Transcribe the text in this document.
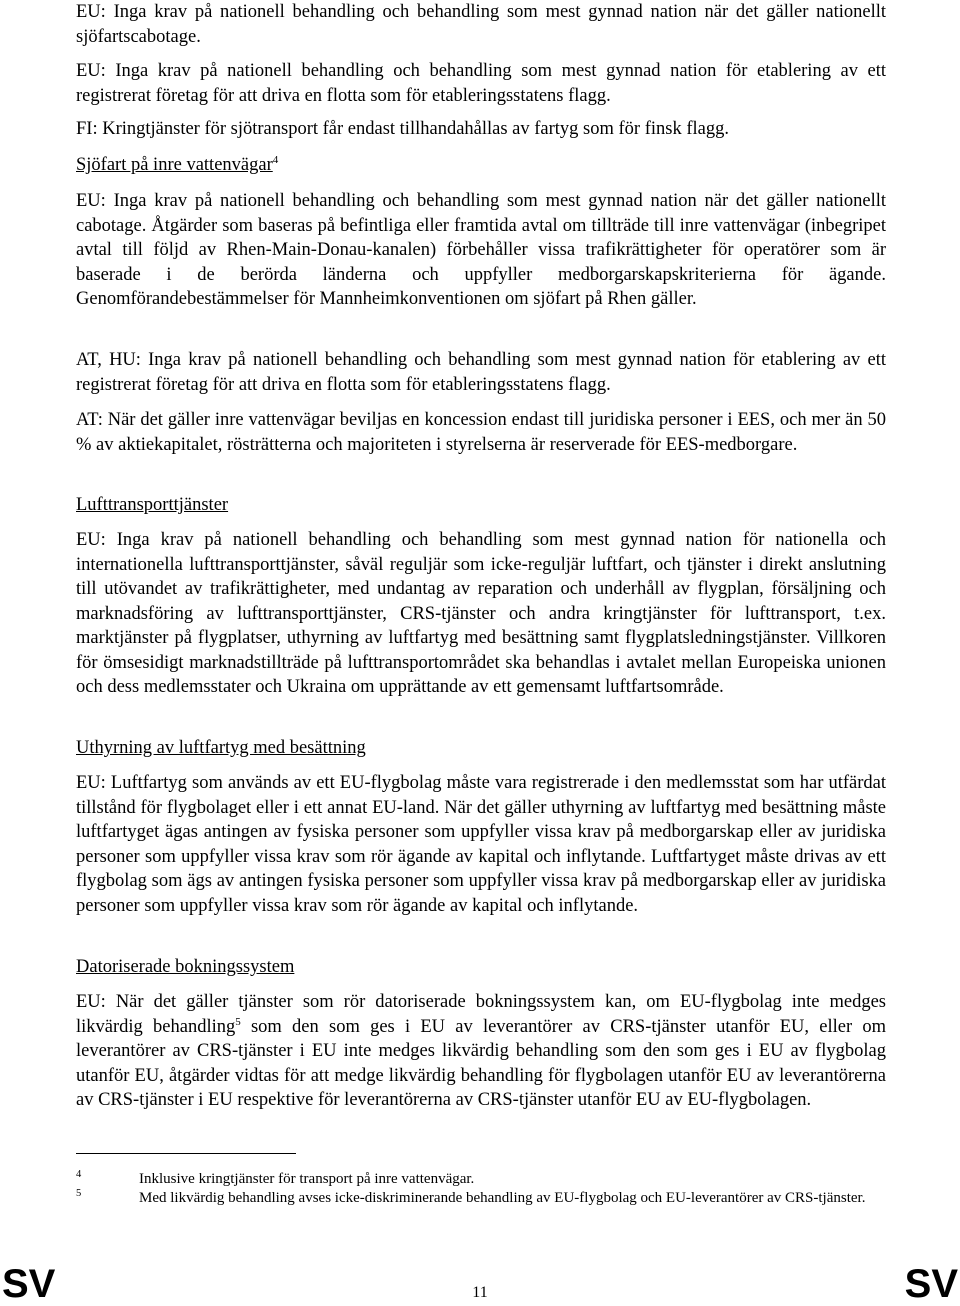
EU: Inga krav på nationell behandling och behandling som mest gynnad nation när det gäller nationellt sjöfartscabotage.

EU: Inga krav på nationell behandling och behandling som mest gynnad nation för etablering av ett registrerat företag för att driva en flotta som för etableringsstatens flagg.

FI: Kringtjänster för sjötransport får endast tillhandahållas av fartyg som för finsk flagg.

Sjöfart på inre vattenvägar$^4$

EU: Inga krav på nationell behandling och behandling som mest gynnad nation när det gäller nationellt cabotage. Åtgärder som baseras på befintliga eller framtida avtal om tillträde till inre vattenvägar (inbegripet avtal till följd av Rhen-Main-Donau-kanalen) förbehåller vissa trafikrättigheter för operatörer som är baserade i de berörda länderna och uppfyller medborgarskapskriterierna för ägande. Genomförandebestämmelser för Mannheimkonventionen om sjöfart på Rhen gäller.

AT, HU: Inga krav på nationell behandling och behandling som mest gynnad nation för etablering av ett registrerat företag för att driva en flotta som för etableringsstatens flagg.

AT: När det gäller inre vattenvägar beviljas en koncession endast till juridiska personer i EES, och mer än 50 % av aktiekapitalet, rösträtterna och majoriteten i styrelserna är reserverade för EES-medborgare.

Lufttransporttjänster

EU: Inga krav på nationell behandling och behandling som mest gynnad nation för nationella och internationella lufttransporttjänster, såväl reguljär som icke-reguljär luftfart, och tjänster i direkt anslutning till utövandet av trafikrättigheter, med undantag av reparation och underhåll av flygplan, försäljning och marknadsföring av lufttransporttjänster, CRS-tjänster och andra kringtjänster för lufttransport, t.ex. marktjänster på flygplatser, uthyrning av luftfartyg med besättning samt flygplatsledningstjänster. Villkoren för ömsesidigt marknadstillträde på lufttransportområdet ska behandlas i avtalet mellan Europeiska unionen och dess medlemsstater och Ukraina om upprättande av ett gemensamt luftfartsområde.

Uthyrning av luftfartyg med besättning

EU: Luftfartyg som används av ett EU-flygbolag måste vara registrerade i den medlemsstat som har utfärdat tillstånd för flygbolaget eller i ett annat EU-land. När det gäller uthyrning av luftfartyg med besättning måste luftfartyget ägas antingen av fysiska personer som uppfyller vissa krav på medborgarskap eller av juridiska personer som uppfyller vissa krav som rör ägande av kapital och inflytande. Luftfartyget måste drivas av ett flygbolag som ägs av antingen fysiska personer som uppfyller vissa krav på medborgarskap eller av juridiska personer som uppfyller vissa krav som rör ägande av kapital och inflytande.

Datoriserade bokningssystem

EU: När det gäller tjänster som rör datoriserade bokningssystem kan, om EU-flygbolag inte medges likvärdig behandling$^5$ som den som ges i EU av leverantörer av CRS-tjänster utanför EU, eller om leverantörer av CRS-tjänster i EU inte medges likvärdig behandling som den som ges i EU av flygbolag utanför EU, åtgärder vidtas för att medge likvärdig behandling för flygbolagen utanför EU av leverantörerna av CRS-tjänster i EU respektive för leverantörerna av CRS-tjänster utanför EU av EU-flygbolagen.

4	Inklusive kringtjänster för transport på inre vattenvägar.
5	Med likvärdig behandling avses icke-diskriminerande behandling av EU-flygbolag och EU-leverantörer av CRS-tjänster.
SV	11	SV
